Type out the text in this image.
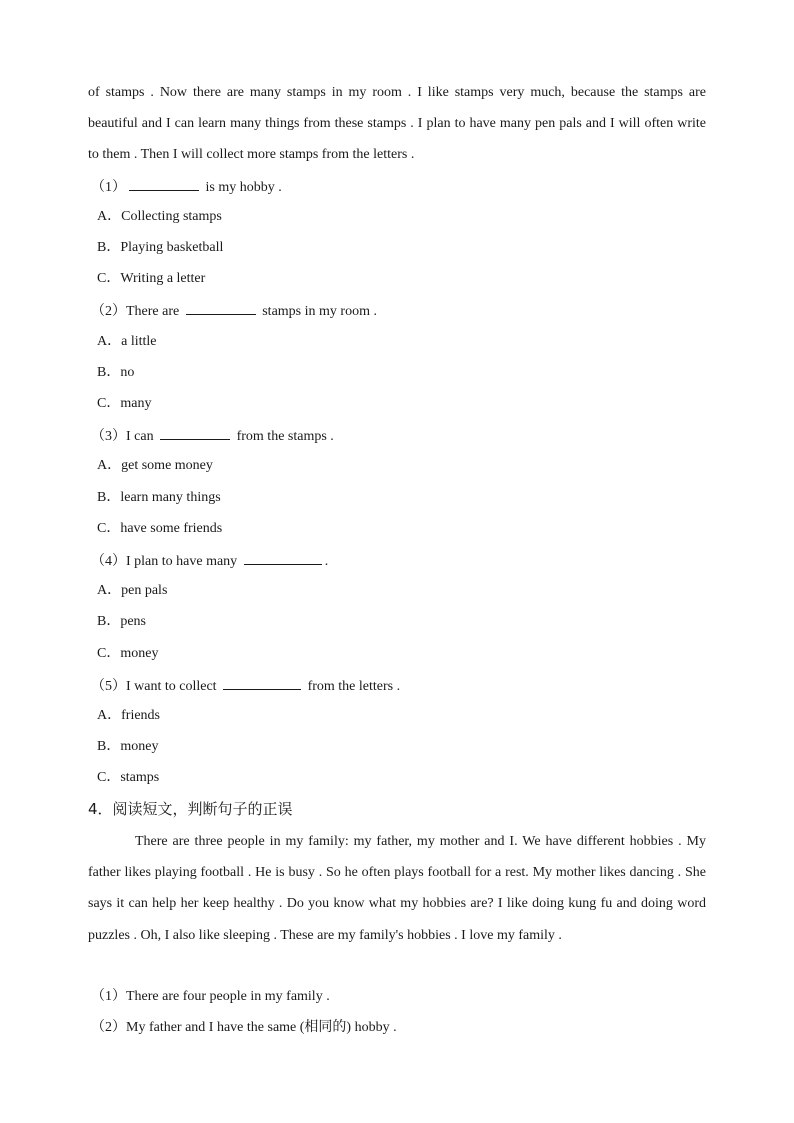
of stamps . Now there are many stamps in my room . I like stamps very much, because the stamps are beautiful and I can learn many things from these stamps . I plan to have many pen pals and I will often write to them . Then I will collect more stamps from the letters .
（1）	is my hobby .
A．Collecting stamps
B．Playing basketball
C．Writing a letter
（2）There are	stamps in my room .
A．a little
B．no
C．many
（3）I can	from the stamps .
A．get some money
B．learn many things
C．have some friends
（4）I plan to have many	.
A．pen pals
B．pens
C．money
（5）I want to collect	from the letters .
A．friends
B．money
C．stamps
4．阅读短文，判断句子的正误
There are three people in my family: my father, my mother and I. We have different hobbies . My father likes playing football . He is busy . So he often plays football for a rest. My mother likes dancing . She says it can help her keep healthy . Do you know what my hobbies are? I like doing kung fu and doing word puzzles . Oh, I also like sleeping . These are my family's hobbies . I love my family .
（1）There are four people in my family .
（2）My father and I have the same (相同的) hobby .
